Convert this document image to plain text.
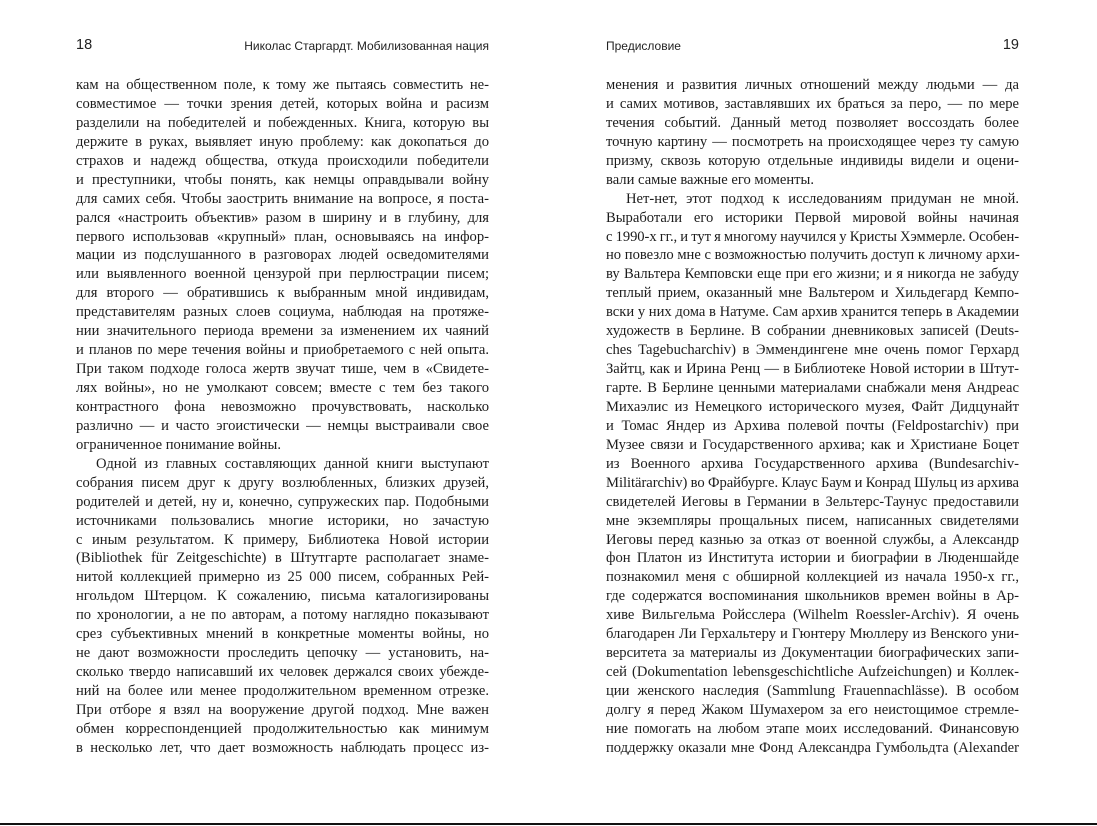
18	Николас Старгардт. Мобилизованная нация
кам на общественном поле, к тому же пытаясь совместить не-
совместимое — точки зрения детей, которых война и расизм
разделили на победителей и побежденных. Книга, которую вы
держите в руках, выявляет иную проблему: как докопаться до
страхов и надежд общества, откуда происходили победители
и преступники, чтобы понять, как немцы оправдывали войну
для самих себя. Чтобы заострить внимание на вопросе, я поста-
рался «настроить объектив» разом в ширину и в глубину, для
первого использовав «крупный» план, основываясь на инфор-
мации из подслушанного в разговорах людей осведомителями
или выявленного военной цензурой при перлюстрации писем;
для второго — обратившись к выбранным мной индивидам,
представителям разных слоев социума, наблюдая на протяже-
нии значительного периода времени за изменением их чаяний
и планов по мере течения войны и приобретаемого с ней опыта.
При таком подходе голоса жертв звучат тише, чем в «Свидете-
лях войны», но не умолкают совсем; вместе с тем без такого
контрастного фона невозможно прочувствовать, насколько
различно — и часто эгоистически — немцы выстраивали свое
ограниченное понимание войны.
Одной из главных составляющих данной книги выступают
собрания писем друг к другу возлюбленных, близких друзей,
родителей и детей, ну и, конечно, супружеских пар. Подобными
источниками пользовались многие историки, но зачастую
с иным результатом. К примеру, Библиотека Новой истории
(Bibliothek für Zeitgeschichte) в Штутгарте располагает знаме-
нитой коллекцией примерно из 25 000 писем, собранных Рей-
нгольдом Штерцом. К сожалению, письма каталогизированы
по хронологии, а не по авторам, а потому наглядно показывают
срез субъективных мнений в конкретные моменты войны, но
не дают возможности проследить цепочку — установить, на-
сколько твердо написавший их человек держался своих убежде-
ний на более или менее продолжительном временном отрезке.
При отборе я взял на вооружение другой подход. Мне важен
обмен корреспонденцией продолжительностью как минимум
в несколько лет, что дает возможность наблюдать процесс из-
Предисловие	19
менения и развития личных отношений между людьми — да
и самих мотивов, заставлявших их браться за перо, — по мере
течения событий. Данный метод позволяет воссоздать более
точную картину — посмотреть на происходящее через ту самую
призму, сквозь которую отдельные индивиды видели и оцени-
вали самые важные его моменты.
Нет-нет, этот подход к исследованиям придуман не мной.
Выработали его историки Первой мировой войны начиная
с 1990-х гг., и тут я многому научился у Кристы Хэммерле. Особен-
но повезло мне с возможностью получить доступ к личному архи-
ву Вальтера Кемповски еще при его жизни; и я никогда не забуду
теплый прием, оказанный мне Вальтером и Хильдегард Кемпо-
вски у них дома в Натуме. Сам архив хранится теперь в Академии
художеств в Берлине. В собрании дневниковых записей (Deuts-
ches Tagebucharchiv) в Эммендингене мне очень помог Герхард
Зайтц, как и Ирина Ренц — в Библиотеке Новой истории в Штут-
гарте. В Берлине ценными материалами снабжали меня Андреас
Михаэлис из Немецкого исторического музея, Файт Дидцунайт
и Томас Яндер из Архива полевой почты (Feldpostarchiv) при
Музее связи и Государственного архива; как и Христиане Боцет
из Военного архива Государственного архива (Bundesarchiv-
Militärarchiv) во Фрайбурге. Клаус Баум и Конрад Шульц из архива
свидетелей Иеговы в Германии в Зельтерс-Таунус предоставили
мне экземпляры прощальных писем, написанных свидетелями
Иеговы перед казнью за отказ от военной службы, а Александр
фон Платон из Института истории и биографии в Люденшайде
познакомил меня с обширной коллекцией из начала 1950-х гг.,
где содержатся воспоминания школьников времен войны в Ар-
хиве Вильгельма Ройсслера (Wilhelm Roessler-Archiv). Я очень
благодарен Ли Герхальтеру и Гюнтеру Мюллеру из Венского уни-
верситета за материалы из Документации биографических запи-
сей (Dokumentation lebensgeschichtliche Aufzeichungen) и Коллек-
ции женского наследия (Sammlung Frauennachlässe). В особом
долгу я перед Жаком Шумахером за его неистощимое стремле-
ние помогать на любом этапе моих исследований. Финансовую
поддержку оказали мне Фонд Александра Гумбольдта (Alexander
